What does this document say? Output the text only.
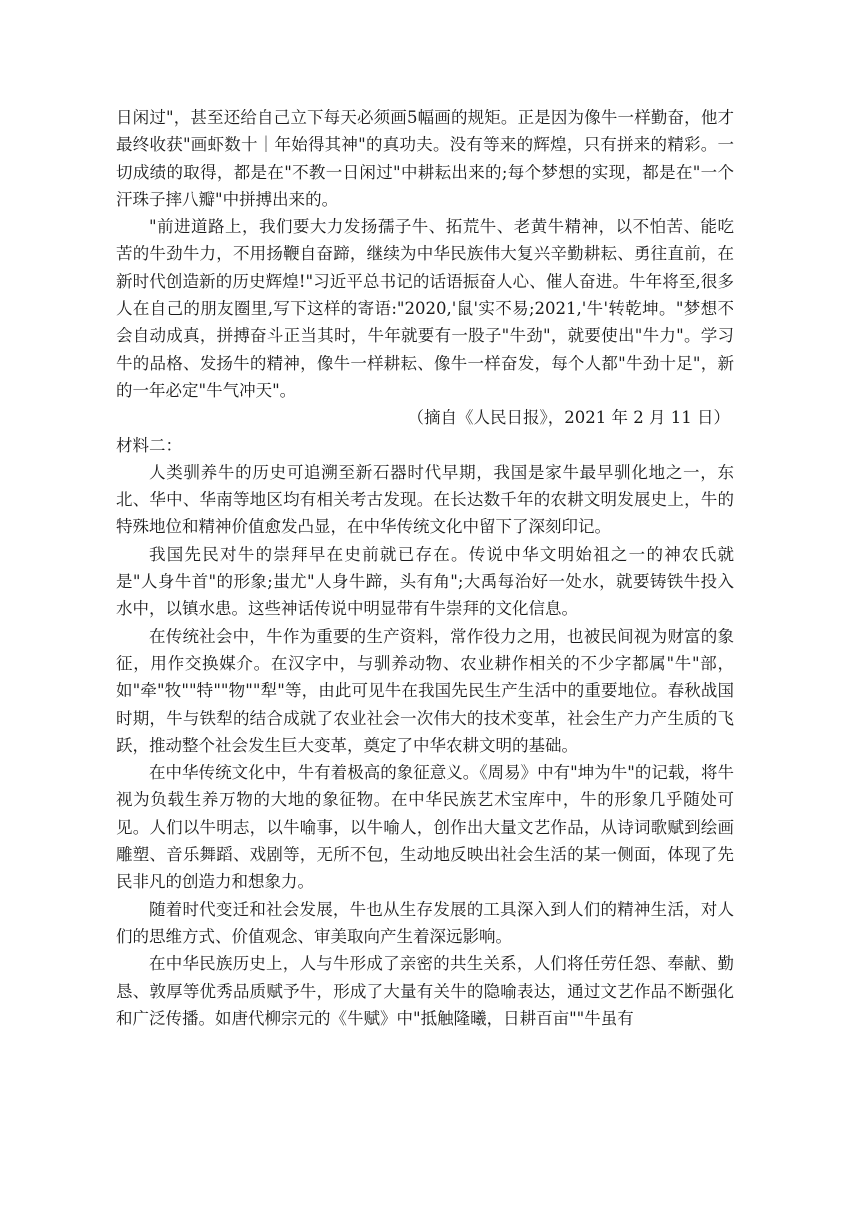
日闲过"，甚至还给自己立下每天必须画5幅画的规矩。正是因为像牛一样勤奋，他才最终收获"画虾数十｜年始得其神"的真功夫。没有等来的辉煌，只有拼来的精彩。一切成绩的取得，都是在"不教一日闲过"中耕耘出来的;每个梦想的实现，都是在"一个汗珠子摔八瓣"中拼搏出来的。

"前进道路上，我们要大力发扬孺子牛、拓荒牛、老黄牛精神，以不怕苦、能吃苦的牛劲牛力，不用扬鞭自奋蹄，继续为中华民族伟大复兴辛勤耕耘、勇往直前，在新时代创造新的历史辉煌!"习近平总书记的话语振奋人心、催人奋进。牛年将至,很多人在自己的朋友圈里,写下这样的寄语:"2020,'鼠'实不易;2021,'牛'转乾坤。"梦想不会自动成真，拼搏奋斗正当其时，牛年就要有一股子"牛劲"，就要使出"牛力"。学习牛的品格、发扬牛的精神，像牛一样耕耘、像牛一样奋发，每个人都"牛劲十足"，新的一年必定"牛气冲天"。

（摘自《人民日报》，2021 年 2 月 11 日）

材料二：

人类驯养牛的历史可追溯至新石器时代早期，我国是家牛最早驯化地之一，东北、华中、华南等地区均有相关考古发现。在长达数千年的农耕文明发展史上，牛的特殊地位和精神价值愈发凸显，在中华传统文化中留下了深刻印记。

我国先民对牛的崇拜早在史前就已存在。传说中华文明始祖之一的神农氏就是"人身牛首"的形象;蚩尤"人身牛蹄，头有角";大禹每治好一处水，就要铸铁牛投入水中，以镇水患。这些神话传说中明显带有牛崇拜的文化信息。

在传统社会中，牛作为重要的生产资料，常作役力之用，也被民间视为财富的象征，用作交换媒介。在汉字中，与驯养动物、农业耕作相关的不少字都属"牛"部，如"牵"牧""特""物""犁"等，由此可见牛在我国先民生产生活中的重要地位。春秋战国时期，牛与铁犁的结合成就了农业社会一次伟大的技术变革，社会生产力产生质的飞跃，推动整个社会发生巨大变革，奠定了中华农耕文明的基础。

在中华传统文化中，牛有着极高的象征意义。《周易》中有"坤为牛"的记载，将牛视为负载生养万物的大地的象征物。在中华民族艺术宝库中，牛的形象几乎随处可见。人们以牛明志，以牛喻事，以牛喻人，创作出大量文艺作品，从诗词歌赋到绘画雕塑、音乐舞蹈、戏剧等，无所不包，生动地反映出社会生活的某一侧面，体现了先民非凡的创造力和想象力。

随着时代变迁和社会发展，牛也从生存发展的工具深入到人们的精神生活，对人们的思维方式、价值观念、审美取向产生着深远影响。

在中华民族历史上，人与牛形成了亲密的共生关系，人们将任劳任怨、奉献、勤恳、敦厚等优秀品质赋予牛，形成了大量有关牛的隐喻表达，通过文艺作品不断强化和广泛传播。如唐代柳宗元的《牛赋》中"抵触隆曦，日耕百亩""牛虽有
